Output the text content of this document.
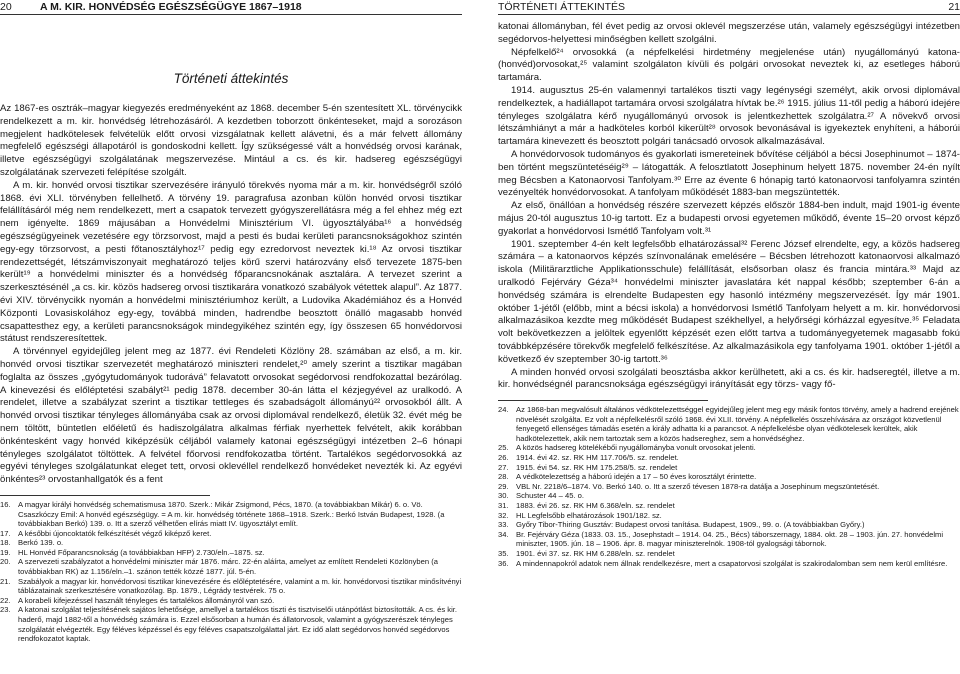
20	A M. KIR. HONVÉDSÉG EGÉSZSÉGÜGYE 1867–1918
Történeti áttekintés

Az 1867-es osztrák–magyar kiegyezés eredményeként az 1868. december 5-én szentesített XL. törvénycikk rendelkezett a m. kir. honvédség létrehozásáról. A kezdetben toborzott önkénteseket, majd a sorozáson megjelent hadkötelesek felvételük előtt orvosi vizsgálatnak kellett alávetni, és a már felvett állomány megfelelő egészségi állapotáról is gondoskodni kellett. Így szükségessé vált a honvédség orvosi karának, illetve egészségügyi szolgálatának megszervezése. Mintául a cs. és kir. hadsereg egészségügyi szolgálatának szervezeti felépítése szolgált.

A m. kir. honvéd orvosi tisztikar szervezésére irányuló törekvés nyoma már a m. kir. honvédségről szóló 1868. évi XLI. törvényben fellelhető. A törvény 19. paragrafusa azonban külön honvéd orvosi tisztikar felállításáról még nem rendelkezett, mert a csapatok tervezett gyógyszerellátásra még a fel ehhez még ezt nem igényelte. 1869 májusában a Honvédelmi Minisztérium VI. ügyosztályába¹⁶ a honvédség egészségügyeinek vezetésére egy törzsorvost, majd a pesti és budai kerületi parancsnokságokhoz szintén egy-egy törzsorvost, a pesti főtanosztályhoz¹⁷ pedig egy ezredorvost neveztek ki.¹⁸ Az orvosi tisztikar rendezettségét, létszámviszonyait meghatározó teljes körű szervi határozvány első tervezete 1875-ben került¹⁹ a honvédelmi miniszter és a honvédség főparancsnokának asztalára. A tervezet szerint a szerkesztésénél „a cs. kir. közös hadsereg orvosi tisztikarára vonatkozó szabályok vétettek alapul”. Az 1877. évi XIV. törvénycikk nyomán a honvédelmi minisztériumhoz került, a Ludovika Akadémiához és a Honvéd Központi Lovasiskolához egy-egy, továbbá minden, hadrendbe beosztott önálló magasabb honvéd csapattesthez egy, a kerületi parancsnokságok mindegyikéhez szintén egy, így összesen 65 honvédorvosi státust rendszeresítettek.

A törvénnyel egyidejűleg jelent meg az 1877. évi Rendeleti Közlöny 28. számában az első, a m. kir. honvéd orvosi tisztikar szervezetét meghatározó miniszteri rendelet,²⁰ amely szerint a tisztikar magában foglalta az összes „gyógytudományok tudorává” felavatott orvosokat segédorvosi rendfokozattal bezárólag. A kinevezési és előléptetési szabályt²¹ pedig 1878. december 30-án látta el kézjegyével az uralkodó. A rendelet, illetve a szabályzat szerint a tisztikar tettleges és szabadságolt állományú²² orvosokból állt. A honvéd orvosi tisztikar tényleges állományába csak az orvosi diplomával rendelkező, életük 32. évét még be nem töltött, büntetlen előéletű és hadiszolgálatra alkalmas férfiak nyerhettek felvételt, akik korábban önkéntesként vagy honvéd kiképzésük céljából valamely katonai egészségügyi intézetben 2–6 hónapi tényleges szolgálatot töltöttek. A felvétel főorvosi rendfokozatba történt. Tartalékos segédorvosokká az egyévi tényleges szolgálatunkat eleget tett, orvosi oklevéllel rendelkező honvédeket nevezték ki. Az egyévi önkéntes²³ orvostanhallgatók és a fent

16. A magyar királyi honvédség schematismusa 1870. Szerk.: Mikár Zsigmond, Pécs, 1870. (a továbbiakban Mikár) 6. o. Vö. Csaszkóczy Emil: A honvéd egészségügy. = A m. kir. honvédség története 1868–1918. Szerk.: Berkó István Budapest, 1928. (a továbbiakban Berkó) 139. o. Itt a szerző vélhetően elírás miatt IV. ügyosztályt említ.
17. A későbbi újoncoktatók felkészítését végző kiképző keret.
18. Berkó 139. o.
19. HL Honvéd Főparancsnokság (a továbbiakban HFP) 2.730/eln.–1875. sz.
20. A szervezeti szabályzatot a honvédelmi miniszter már 1876. márc. 22-én aláírta, amelyet az említett Rendeleti Közlönyben (a továbbiakban RK) az 1.156/eln.–1. szánon tették közzé 1877. júl. 5-én.
21. Szabályok a magyar kir. honvédorvosi tisztikar kinevezésére és előléptetésére, valamint a m. kir. honvédorvosi tisztikar minősítvényi táblázatainak szerkesztésére vonatkozólag. Bp. 1879., Légrády testvérek. 75 o.
22. A korabeli kifejezéssel használt tényleges és tartalékos állományról van szó.
23. A katonai szolgálat teljesítésének sajátos lehetősége, amellyel a tartalékos tiszti és tisztviselői utánpótlást biztosították. A cs. és kir. haderő, majd 1882-től a honvédség számára is. Ezzel elsősorban a humán és állatorvosok, valamint a gyógyszerészek tényleges szolgálatát elvégezték. Egy féléves képzéssel és egy féléves csapatszolgálattal járt. Ez idő alatt segédorvos honvéd segédorvos rendfokozatot kaptak.
TÖRTÉNETI ÁTTEKINTÉS	21

katonai állományban, fél évet pedig az orvosi oklevél megszerzése után, valamely egészségügyi intézetben segédorvos-helyettesi minőségben kellett szolgálni.

Népfelkelő²⁴ orvosokká (a népfelkelési hirdetmény megjelenése után) nyugállományú katona-(honvéd)orvosokat,²⁵ valamint szolgálaton kívüli és polgári orvosokat neveztek ki, az esetleges háború tartamára.

1914. augusztus 25-én valamennyi tartalékos tiszti vagy legénységi személyt, akik orvosi diplomával rendelkeztek, a hadiállapot tartamára orvosi szolgálatra hívtak be.²⁶ 1915. július 11-től pedig a háború idejére tényleges szolgálatra kérő nyugállományú orvosok is jelentkezhettek szolgálatra.²⁷ A növekvő orvosi létszámhiányt a már a hadköteles korból kikerült²⁸ orvosok bevonásával is igyekeztek enyhíteni, a háborúi tartamára kinevezett és beosztott polgári tanácsadó orvosok alkalmazásával.

A honvédorvosok tudományos és gyakorlati ismereteinek bővítése céljából a bécsi Josephinumot – 1874-ben történt megszüntetéséig²⁹ – látogatták. A felosztlatott Josephinum helyett 1875. november 24-én nyílt meg Bécsben a Katonaorvosi Tanfolyam.³⁰ Erre az évente 6 hónapig tartó katonaorvosi tanfolyamra szintén vezényelték honvédorvosokat. A tanfolyam működését 1883-ban megszüntették.

Az első, önállóan a honvédség részére szervezett képzés először 1884-ben indult, majd 1901-ig évente május 20-tól augusztus 10-ig tartott. Ez a budapesti orvosi egyetemen működő, évente 15–20 orvost képző gyakorlat a honvédorvosi Ismétlő Tanfolyam volt.³¹

1901. szeptember 4-én kelt legfelsőbb elhatározással³² Ferenc József elrendelte, egy, a közös hadsereg számára – a katonaorvos képzés színvonalának emelésére – Bécsben létrehozott katonaorvosi alkalmazó iskola (Militärarztliche Applikationsschule) felállítását, elsősorban olasz és francia mintára.³³ Majd az uralkodó Fejérváry Géza³⁴ honvédelmi miniszter javaslatára két nappal később; szeptember 6-án a honvédség számára is elrendelte Budapesten egy hasonló intézmény megszervezését. Így már 1901. október 1-jétől (előbb, mint a bécsi iskola) a honvédorvosi Ismétlő Tanfolyam helyett a m. kir. honvédorvosi alkalmazásikoa kezdte meg működését Budapest székhellyel, a helyőrségi kórházzal egyesítve.³⁵ Feladata volt bekövetkezzen a jelöltek egyenlőtt képzését ezen előtt tartva a tudományegyetemek magasabb fokú továbbképzésére törekvők megfelelő felkészítése. Az alkalmazásikola egy tanfolyama 1901. október 1-jétől a következő év szeptember 30-ig tartott.³⁶

A minden honvéd orvosi szolgálati beosztásba akkor kerülhetett, aki a cs. és kir. hadseregtél, illetve a m. kir. honvédségnél parancsnoksága egészségügyi irányítását egy törzs- vagy fő-

24. Az 1868-ban megvalósult általános védkötelezettséggel egyidejűleg jelent meg egy másik fontos törvény, amely a hadrend erejének növelését szolgálta. Ez volt a népfelkelésről szóló 1868. évi XLII. törvény. A népfelkelés összehívására az országot közvetlenül fenyegető ellenséges támadás esetén a király adhatta ki a parancsot. A népfelkelésbe olyan védkötelesek kerültek, akik hadkötelezettek, akik nem tartoztak sem a közös hadsereghez, sem a honvédséghez.
25. A közös hadsereg kötelékébői nyugállományba vonult orvosokat jelenti.
26. 1914. évi 42. sz. RK HM 117.706/5. sz. rendelet.
27. 1915. évi 54. sz. RK HM 175.258/5. sz. rendelet
28. A védkötelezettség a háború idején a 17 – 50 éves korosztályt érintette.
29. VBL Nr. 2218/6–1874. Vö. Berkó 140. o. Itt a szerző tévesen 1878-ra datálja a Josephinum megszüntetését.
30. Schuster 44 – 45. o.
31. 1883. évi 26. sz. RK HM 6.368/eln. sz. rendelet
32. HL Legfelsőbb elhatározások 1901/182. sz.
33. Győry Tibor-Thiring Gusztáv: Budapest orvosi tanítása. Budapest, 1909., 99. o. (A továbbiakban Győry.)
34. Br. Fejérváry Géza (1833. 03. 15., Josephstadt – 1914. 04. 25., Bécs) táborszernagy, 1884. okt. 28 – 1903. jún. 27. honvédelmi miniszter, 1905. jún. 18 – 1906. ápr. 8. magyar miniszterelnök. 1908-tól gyalogsági tábornok.
35. 1901. évi 37. sz. RK HM 6.288/eln. sz. rendelet
36. A mindennapokról adatok nem állnak rendelkezésre, mert a csapatorvosi szolgálat is szakirodalomban sem nem kerül említésre.
